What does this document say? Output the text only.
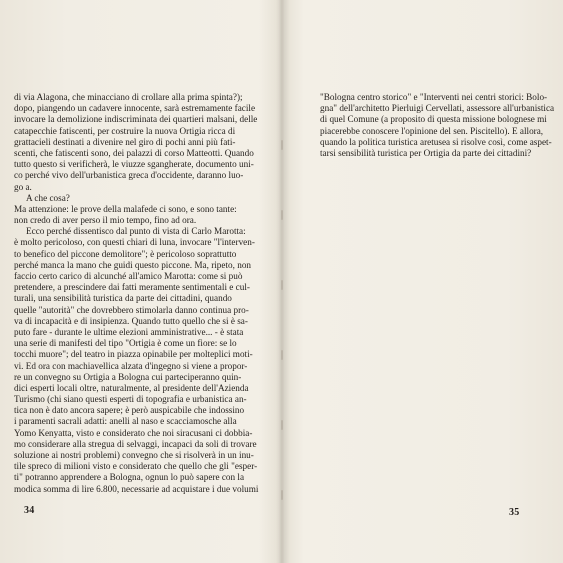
di via Alagona, che minacciano di crollare alla prima spinta?);
dopo, piangendo un cadavere innocente, sarà estremamente facile
invocare la demolizione indiscriminata dei quartieri malsani, delle
catapecchie fatiscenti, per costruire la nuova Ortigia ricca di
grattacieli destinati a divenire nel giro di pochi anni più fati-
scenti, che fatiscenti sono, dei palazzi di corso Matteotti. Quando
tutto questo si verificherà, le viuzze sgangherate, documento uni-
co perché vivo dell'urbanistica greca d'occidente, daranno luo-
go a.
A che cosa?
Ma attenzione: le prove della malafede ci sono, e sono tante:
non credo di aver perso il mio tempo, fino ad ora.
Ecco perché dissentisco dal punto di vista di Carlo Marotta:
è molto pericoloso, con questi chiari di luna, invocare "l'interven-
to benefico del piccone demolitore"; è pericoloso soprattutto
perché manca la mano che guidi questo piccone. Ma, ripeto, non
faccio certo carico di alcunché all'amico Marotta: come si può
pretendere, a prescindere dai fatti meramente sentimentali e cul-
turali, una sensibilità turistica da parte dei cittadini, quando
quelle "autorità" che dovrebbero stimolarla danno continua pro-
va di incapacità e di insipienza. Quando tutto quello che si è sa-
puto fare - durante le ultime elezioni amministrative... - è stata
una serie di manifesti del tipo "Ortigia è come un fiore: se lo
tocchi muore"; del teatro in piazza opinabile per molteplici moti-
vi. Ed ora con machiavellica alzata d'ingegno si viene a propor-
re un convegno su Ortigia a Bologna cui parteciperanno quin-
dici esperti locali oltre, naturalmente, al presidente dell'Azienda
Turismo (chi siano questi esperti di topografia e urbanistica an-
tica non è dato ancora sapere; è però auspicabile che indossino
i paramenti sacrali adatti: anelli al naso e scacciamosche alla
Yomo Kenyatta, visto e considerato che noi siracusani ci dobbia-
mo considerare alla stregua di selvaggi, incapaci da soli di trovare
soluzione ai nostri problemi) convegno che si risolverà in un inu-
tile spreco di milioni visto e considerato che quello che gli "esper-
ti" potranno apprendere a Bologna, ognun lo può sapere con la
modica somma di lire 6.800, necessarie ad acquistare i due volumi
34
"Bologna centro storico" e "Interventi nei centri storici: Bolo-
gna" dell'architetto Pierluigi Cervellati, assessore all'urbanistica
di quel Comune (a proposito di questa missione bolognese mi
piacerebbe conoscere l'opinione del sen. Piscitello). E allora,
quando la politica turistica aretusea si risolve così, come aspet-
tarsi sensibilità turistica per Ortigia da parte dei cittadini?
35
